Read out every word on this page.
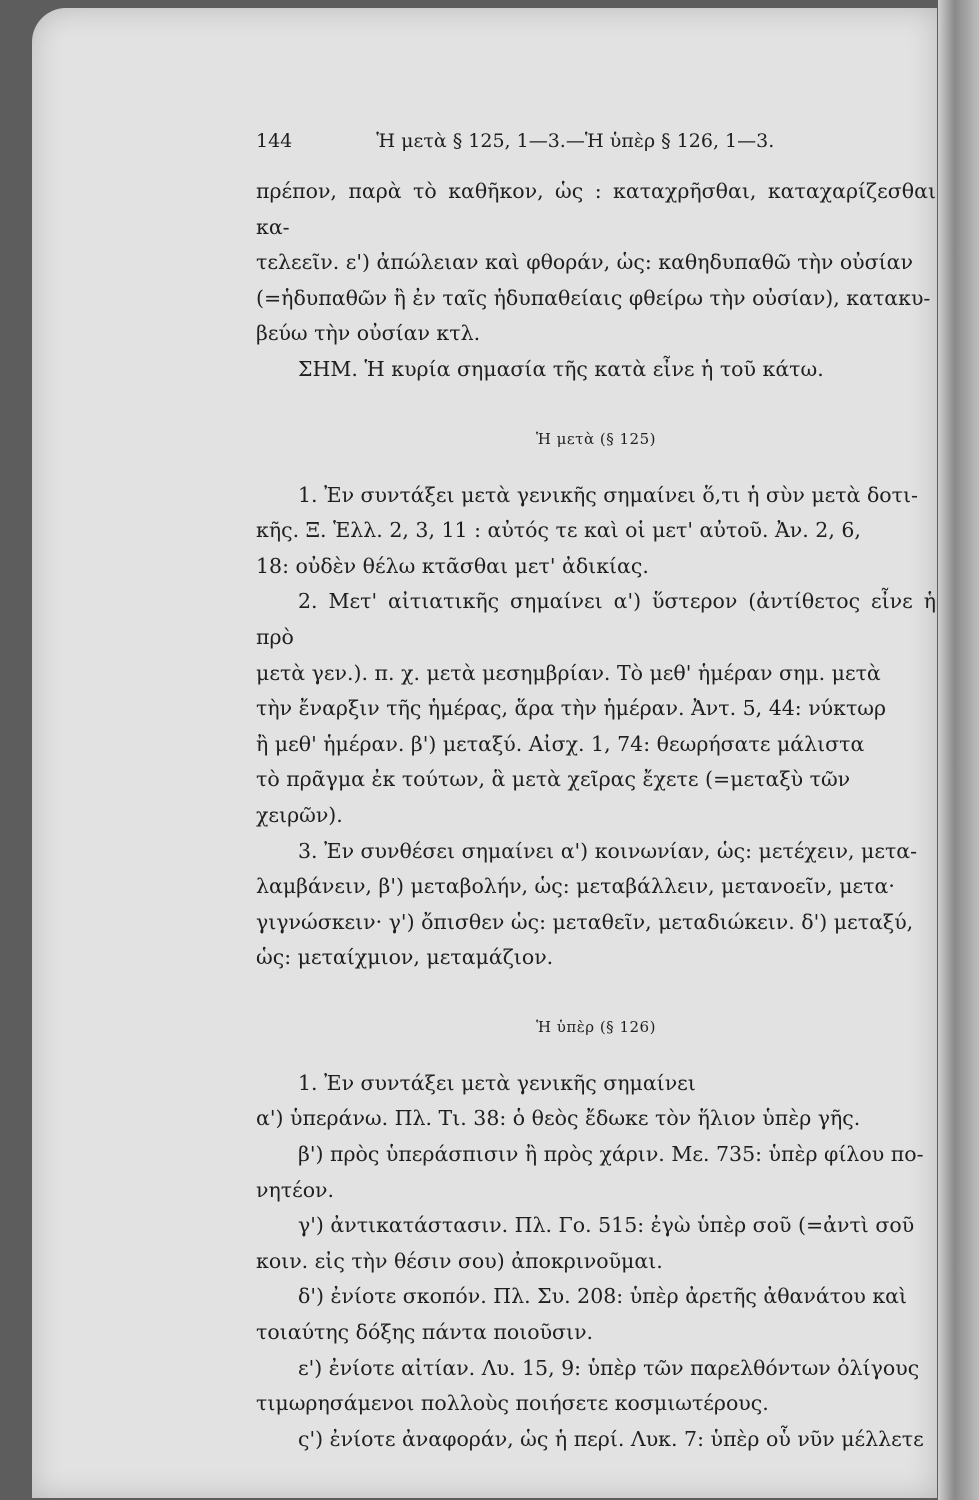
144	Ἡ μετὰ § 125, 1—3.—Ἡ ὑπὲρ § 126, 1—3.

πρέπον, παρὰ τὸ καθῆκον, ὡς : καταχρῆσθαι, καταχαρίζεσθαι κα-

τελεεῖν. ε') ἀπώλειαν καὶ φθοράν, ὡς: καθηδυπαθῶ τὴν οὐσίαν

(=ἡδυπαθῶν ἢ ἐν ταῖς ἡδυπαθείαις φθείρω τὴν οὐσίαν), κατακυ-

βεύω τὴν οὐσίαν κτλ.

ΣΗΜ. Ἡ κυρία σημασία τῆς κατὰ εἶνε ἡ τοῦ κάτω.

Ἡ μετὰ (§ 125)

1. Ἐν συντάξει μετὰ γενικῆς σημαίνει ὅ,τι ἡ σὺν μετὰ δοτι-

κῆς. Ξ. Ἑλλ. 2, 3, 11 : αὐτός τε καὶ οἱ μετ' αὐτοῦ. Ἀν. 2, 6,

18: οὐδὲν θέλω κτᾶσθαι μετ' ἀδικίας.

2. Μετ' αἰτιατικῆς σημαίνει α') ὕστερον (ἀντίθετος εἶνε ἡ πρὸ

μετὰ γεν.). π. χ. μετὰ μεσημβρίαν. Τὸ μεθ' ἡμέραν σημ. μετὰ

τὴν ἔναρξιν τῆς ἡμέρας, ἅρα τὴν ἡμέραν. Ἀντ. 5, 44: νύκτωρ

ἢ μεθ' ἡμέραν. β') μεταξύ. Αἰσχ. 1, 74: θεωρήσατε μάλιστα

τὸ πρᾶγμα ἐκ τούτων, ἃ μετὰ χεῖρας ἔχετε (=μεταξὺ τῶν

χειρῶν).

3. Ἐν συνθέσει σημαίνει α') κοινωνίαν, ὡς: μετέχειν, μετα-

λαμβάνειν, β') μεταβολήν, ὡς: μεταβάλλειν, μετανοεῖν, μετα·

γιγνώσκειν· γ') ὄπισθεν ὡς: μεταθεῖν, μεταδιώκειν. δ') μεταξύ,

ὡς: μεταίχμιον, μεταμάζιον.

Ἡ ὑπὲρ (§ 126)

1. Ἐν συντάξει μετὰ γενικῆς σημαίνει

α') ὑπεράνω. Πλ. Τι. 38: ὁ θεὸς ἔδωκε τὸν ἥλιον ὑπὲρ γῆς.

β') πρὸς ὑπεράσπισιν ἢ πρὸς χάριν. Με. 735: ὑπὲρ φίλου πο-

νητέον.

γ') ἀντικατάστασιν. Πλ. Γο. 515: ἐγὼ ὑπὲρ σοῦ (=ἀντὶ σοῦ

κοιν. εἰς τὴν θέσιν σου) ἀποκρινοῦμαι.

δ') ἐνίοτε σκοπόν. Πλ. Συ. 208: ὑπὲρ ἀρετῆς ἀθανάτου καὶ

τοιαύτης δόξης πάντα ποιοῦσιν.

ε') ἐνίοτε αἰτίαν. Λυ. 15, 9: ὑπὲρ τῶν παρελθόντων ὀλίγους

τιμωρησάμενοι πολλοὺς ποιήσετε κοσμιωτέρους.

ς') ἐνίοτε ἀναφοράν, ὡς ἡ περί. Λυκ. 7: ὑπὲρ οὗ νῦν μέλλετε
